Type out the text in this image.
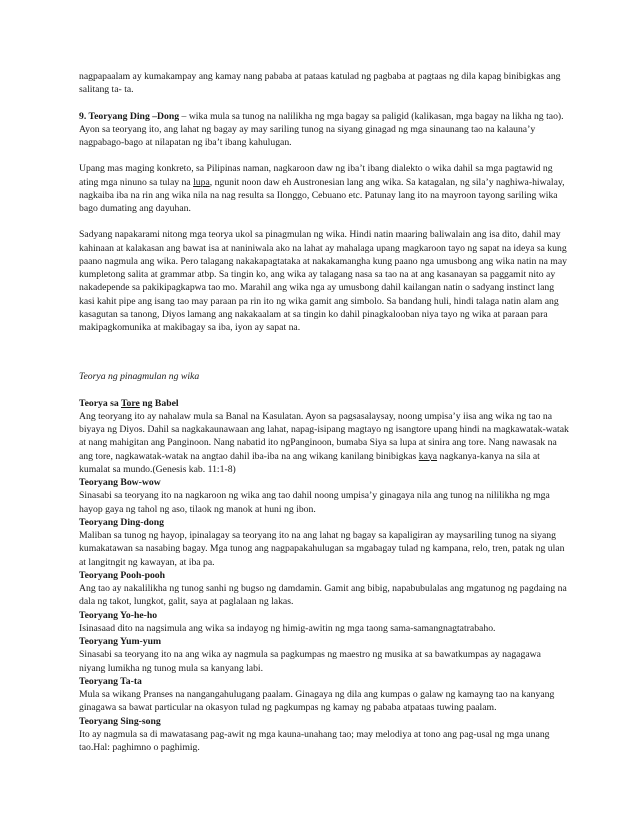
nagpapaalam ay kumakampay ang kamay nang pababa at pataas katulad ng pagbaba at pagtaas ng dila kapag binibigkas ang salitang ta- ta.

9. Teoryang Ding –Dong – wika mula sa tunog na nalilikha ng mga bagay sa paligid (kalikasan, mga bagay na likha ng tao). Ayon sa teoryang ito, ang lahat ng bagay ay may sariling tunog na siyang ginagad ng mga sinaunang tao na kalauna’y nagpabago-bago at nilapatan ng iba’t ibang kahulugan.

Upang mas maging konkreto, sa Pilipinas naman, nagkaroon daw ng iba’t ibang dialekto o wika dahil sa mga pagtawid ng ating mga ninuno sa tulay na lupa, ngunit noon daw eh Austronesian lang ang wika. Sa katagalan, ng sila’y naghiwa-hiwalay, nagkaiba iba na rin ang wika nila na nag resulta sa Ilonggo, Cebuano etc. Patunay lang ito na mayroon tayong sariling wika bago dumating ang dayuhan.

Sadyang napakarami nitong mga teorya ukol sa pinagmulan ng wika. Hindi natin maaring baliwalain ang isa dito, dahil may kahinaan at kalakasan ang bawat isa at naniniwala ako na lahat ay mahalaga upang magkaroon tayo ng sapat na ideya sa kung paano nagmula ang wika. Pero talagang nakakapagtataka at nakakamangha kung paano nga umusbong ang wika natin na may kumpletong salita at grammar atbp. Sa tingin ko, ang wika ay talagang nasa sa tao na at ang kasanayan sa paggamit nito ay nakadepende sa pakikipagkapwa tao mo. Marahil ang wika nga ay umusbong dahil kailangan natin o sadyang instinct lang kasi kahit pipe ang isang tao may paraan pa rin ito ng wika gamit ang simbolo. Sa bandang huli, hindi talaga natin alam ang kasagutan sa tanong, Diyos lamang ang nakakaalam at sa tingin ko dahil pinagkalooban niya tayo ng wika at paraan para makipagkomunika at makibagay sa iba, iyon ay sapat na.

Teorya ng pinagmulan ng wika

Teorya sa Tore ng Babel

Ang teoryang ito ay nahalaw mula sa Banal na Kasulatan. Ayon sa pagsasalaysay, noong umpisa’y iisa ang wika ng tao na biyaya ng Diyos. Dahil sa nagkakaunawaan ang lahat, napag-isipang magtayo ng isangtore upang hindi na magkawatak-watak at nang mahigitan ang Panginoon. Nang nabatid ito ngPanginoon, bumaba Siya sa lupa at sinira ang tore. Nang nawasak na ang tore, nagkawatak-watak na angtao dahil iba-iba na ang wikang kanilang binibigkas kaya nagkanya-kanya na sila at kumalat sa mundo.(Genesis kab. 11:1-8)

Teoryang Bow-wow

Sinasabi sa teoryang ito na nagkaroon ng wika ang tao dahil noong umpisa’y ginagaya nila ang tunog na nililikha ng mga hayop gaya ng tahol ng aso, tilaok ng manok at huni ng ibon.

Teoryang Ding-dong

Maliban sa tunog ng hayop, ipinalagay sa teoryang ito na ang lahat ng bagay sa kapaligiran ay maysariling tunog na siyang kumakatawan sa nasabing bagay. Mga tunog ang nagpapakahulugan sa mgabagay tulad ng kampana, relo, tren, patak ng ulan at langitngit ng kawayan, at iba pa.

Teoryang Pooh-pooh

Ang tao ay nakalilikha ng tunog sanhi ng bugso ng damdamin. Gamit ang bibig, napabubulalas ang mgatunog ng pagdaing na dala ng takot, lungkot, galit, saya at paglalaan ng lakas.

Teoryang Yo-he-ho

Isinasaad dito na nagsimula ang wika sa indayog ng himig-awitin ng mga taong sama-samangnagtatrabaho.

Teoryang Yum-yum

Sinasabi sa teoryang ito na ang wika ay nagmula sa pagkumpas ng maestro ng musika at sa bawatkumpas ay nagagawa niyang lumikha ng tunog mula sa kanyang labi.

Teoryang Ta-ta

Mula sa wikang Pranses na nangangahulugang paalam. Ginagaya ng dila ang kumpas o galaw ng kamayng tao na kanyang ginagawa sa bawat particular na okasyon tulad ng pagkumpas ng kamay ng pababa atpataas tuwing paalam.

Teoryang Sing-song

Ito ay nagmula sa di mawatasang pag-awit ng mga kauna-unahang tao; may melodiya at tono ang pag-usal ng mga unang tao.Hal: paghimno o paghimig.
